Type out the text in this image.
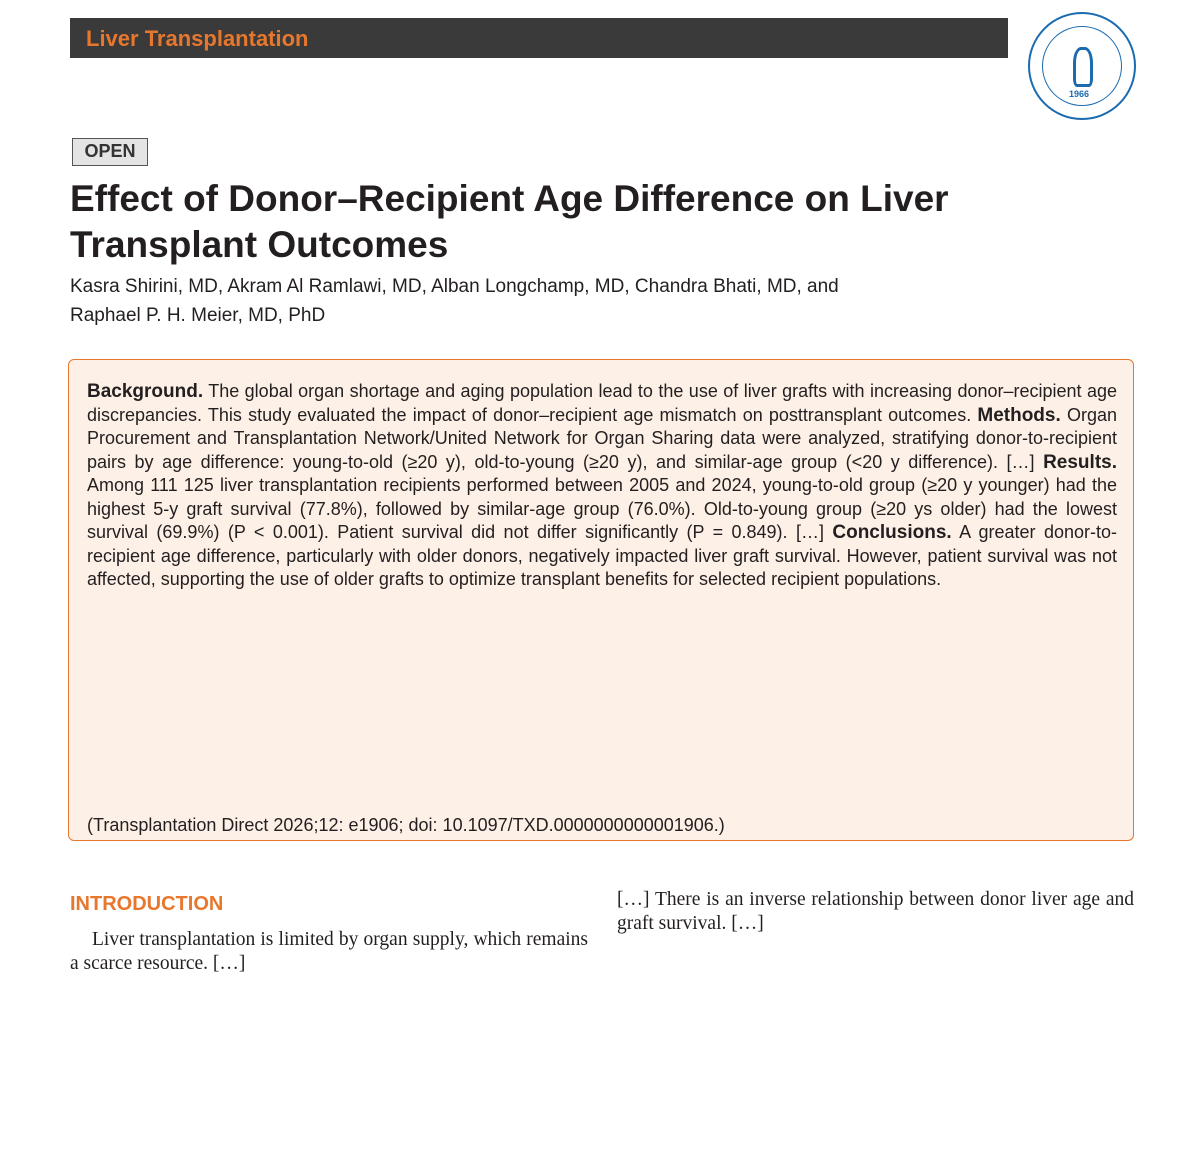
Liver Transplantation
1966
OPEN
Effect of Donor–Recipient Age Difference on Liver Transplant Outcomes
Kasra Shirini, MD, Akram Al Ramlawi, MD, Alban Longchamp, MD, Chandra Bhati, MD, and
Raphael P. H. Meier, MD, PhD
Background. The global organ shortage and aging population lead to the use of liver grafts with increasing donor–recipient age discrepancies. This study evaluated the impact of donor–recipient age mismatch on posttransplant outcomes. Methods. Organ Procurement and Transplantation Network/United Network for Organ Sharing data were analyzed, stratifying donor-to-recipient pairs by age difference: young-to-old (≥20 y), old-to-young (≥20 y), and similar-age group (<20 y difference). […] Results. Among 111 125 liver transplantation recipients performed between 2005 and 2024, young-to-old group (≥20 y younger) had the highest 5-y graft survival (77.8%), followed by similar-age group (76.0%). Old-to-young group (≥20 ys older) had the lowest survival (69.9%) (P < 0.001). Patient survival did not differ significantly (P = 0.849). […] Conclusions. A greater donor-to-recipient age difference, particularly with older donors, negatively impacted liver graft survival. However, patient survival was not affected, supporting the use of older grafts to optimize transplant benefits for selected recipient populations.
(Transplantation Direct 2026;12: e1906; doi: 10.1097/TXD.0000000000001906.)
INTRODUCTION

Liver transplantation is limited by organ supply, which remains a scarce resource. […]

[…] There is an inverse relationship between donor liver age and graft survival. […]
